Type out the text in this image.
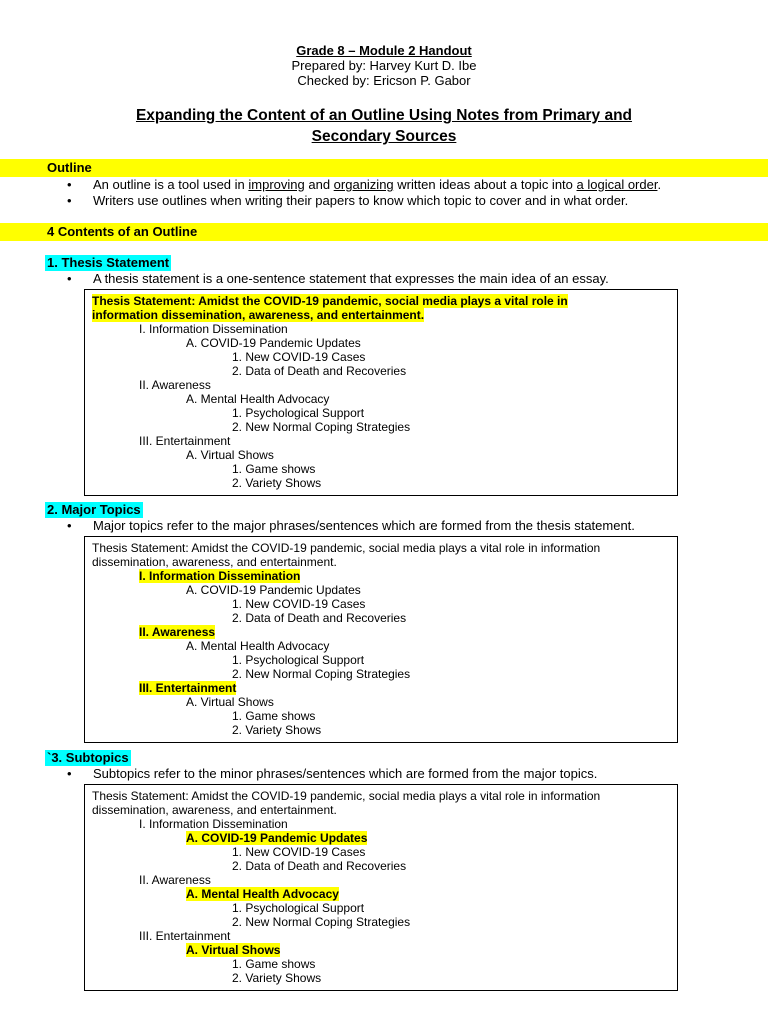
Grade 8 – Module 2 Handout
Prepared by: Harvey Kurt D. Ibe
Checked by: Ericson P. Gabor
Expanding the Content of an Outline Using Notes from Primary and
Secondary Sources
Outline
• An outline is a tool used in improving and organizing written ideas about a topic into a logical order.
• Writers use outlines when writing their papers to know which topic to cover and in what order.
4 Contents of an Outline
1. Thesis Statement
• A thesis statement is a one-sentence statement that expresses the main idea of an essay.
Thesis Statement: Amidst the COVID-19 pandemic, social media plays a vital role in
information dissemination, awareness, and entertainment.
I. Information Dissemination
A. COVID-19 Pandemic Updates
1. New COVID-19 Cases
2. Data of Death and Recoveries
II. Awareness
A. Mental Health Advocacy
1. Psychological Support
2. New Normal Coping Strategies
III. Entertainment
A. Virtual Shows
1. Game shows
2. Variety Shows
2. Major Topics
• Major topics refer to the major phrases/sentences which are formed from the thesis statement.
Thesis Statement: Amidst the COVID-19 pandemic, social media plays a vital role in information
dissemination, awareness, and entertainment.
I. Information Dissemination
A. COVID-19 Pandemic Updates
1. New COVID-19 Cases
2. Data of Death and Recoveries
II. Awareness
A. Mental Health Advocacy
1. Psychological Support
2. New Normal Coping Strategies
III. Entertainment
A. Virtual Shows
1. Game shows
2. Variety Shows
`3. Subtopics
• Subtopics refer to the minor phrases/sentences which are formed from the major topics.
Thesis Statement: Amidst the COVID-19 pandemic, social media plays a vital role in information
dissemination, awareness, and entertainment.
I. Information Dissemination
A. COVID-19 Pandemic Updates
1. New COVID-19 Cases
2. Data of Death and Recoveries
II. Awareness
A. Mental Health Advocacy
1. Psychological Support
2. New Normal Coping Strategies
III. Entertainment
A. Virtual Shows
1. Game shows
2. Variety Shows
